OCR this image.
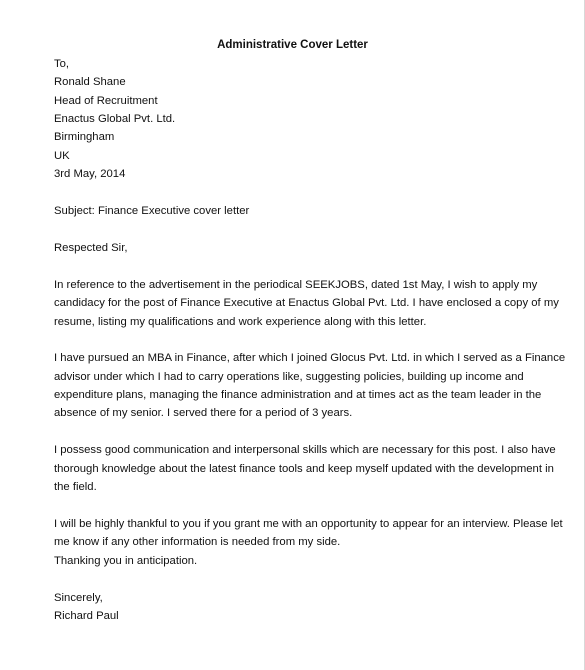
Administrative Cover Letter
To,
Ronald Shane
Head of Recruitment
Enactus Global Pvt. Ltd.
Birmingham
UK
3rd May, 2014
Subject: Finance Executive cover letter
Respected Sir,
In reference to the advertisement in the periodical SEEKJOBS, dated 1st May, I wish to apply my
candidacy for the post of Finance Executive at Enactus Global Pvt. Ltd. I have enclosed a copy of my
resume, listing my qualifications and work experience along with this letter.
I have pursued an MBA in Finance, after which I joined Glocus Pvt. Ltd. in which I served as a Finance
advisor under which I had to carry operations like, suggesting policies, building up income and
expenditure plans, managing the finance administration and at times act as the team leader in the
absence of my senior. I served there for a period of 3 years.
I possess good communication and interpersonal skills which are necessary for this post. I also have
thorough knowledge about the latest finance tools and keep myself updated with the development in
the field.
I will be highly thankful to you if you grant me with an opportunity to appear for an interview. Please let
me know if any other information is needed from my side.
Thanking you in anticipation.
Sincerely,
Richard Paul
